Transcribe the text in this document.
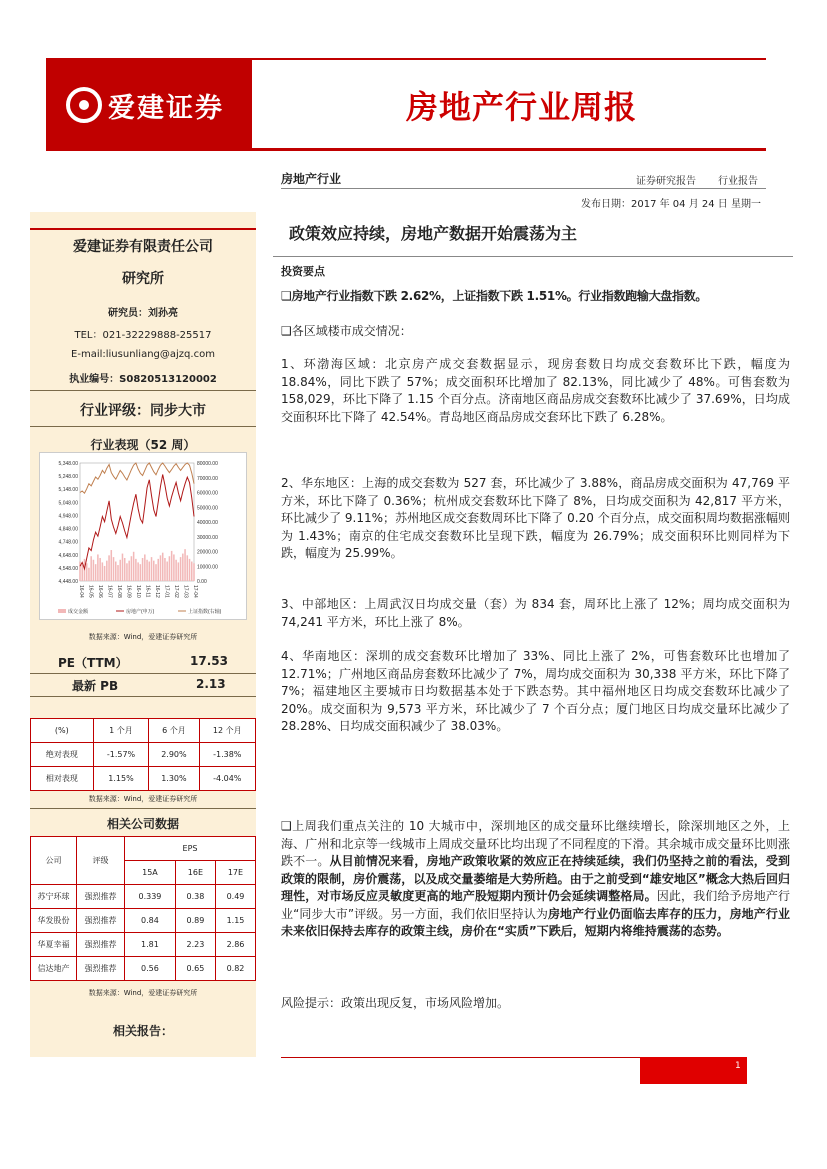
爱建证券	房地产行业周报
房地产行业	证券研究报告 行业报告
发布日期：2017 年 04 月 24 日 星期一
爱建证券有限责任公司
研究所
研究员：刘孙亮
TEL：021-32229888-25517
E-mail:liusunliang@ajzq.com
执业编号：S0820513120002
行业评级：同步大市
行业表现（52 周）
5,348.00
5,248.00
5,148.00
5,048.00
4,948.00
4,848.00
4,748.00
4,648.00
4,548.00
4,448.00
80000.00
70000.00
60000.00
50000.00
40000.00
30000.00
20000.00
10000.00
0.00
16-04 16-05 16-06 16-07 16-08 16-09 16-10 16-11 16-12 17-01 17-02 17-03 17-04
成交金额	房地产(申万)	上证指数(右轴)
数据来源：Wind，爱建证券研究所
PE（TTM）	17.53
最新 PB	2.13
(%)	1 个月	6 个月	12 个月
绝对表现	-1.57%	2.90%	-1.38%
相对表现	1.15%	1.30%	-4.04%
数据来源：Wind，爱建证券研究所
相关公司数据
公司	评级	EPS		
		15A	16E	17E
苏宁环球	强烈推荐	0.339	0.38	0.49
华发股份	强烈推荐	0.84	0.89	1.15
华夏幸福	强烈推荐	1.81	2.23	2.86
信达地产	强烈推荐	0.56	0.65	0.82
数据来源：Wind，爱建证券研究所
相关报告：
政策效应持续，房地产数据开始震荡为主
投资要点
❑房地产行业指数下跌 2.62%，上证指数下跌 1.51%。行业指数跑输大盘指数。
❑各区域楼市成交情况：
1、环渤海区域：北京房产成交套数据显示，现房套数日均成交套数环比下跌，幅度为 18.84%，同比下跌了 57%；成交面积环比增加了 82.13%，同比减少了 48%。可售套数为 158,029，环比下降了 1.15 个百分点。济南地区商品房成交套数环比减少了 37.69%，日均成交面积环比下降了 42.54%。青岛地区商品房成交套环比下跌了 6.28%。
2、华东地区：上海的成交套数为 527 套，环比减少了 3.88%，商品房成交面积为 47,769 平方米，环比下降了 0.36%；杭州成交套数环比下降了 8%，日均成交面积为 42,817 平方米，环比减少了 9.11%；苏州地区成交套数周环比下降了 0.20 个百分点，成交面积周均数据涨幅则为 1.43%；南京的住宅成交套数环比呈现下跌，幅度为 26.79%；成交面积环比则同样为下跌，幅度为 25.99%。
3、中部地区：上周武汉日均成交量（套）为 834 套，周环比上涨了 12%；周均成交面积为 74,241 平方米，环比上涨了 8%。
4、华南地区：深圳的成交套数环比增加了 33%、同比上涨了 2%，可售套数环比也增加了 12.71%；广州地区商品房套数环比减少了 7%，周均成交面积为 30,338 平方米，环比下降了 7%；福建地区主要城市日均数据基本处于下跌态势。其中福州地区日均成交套数环比减少了 20%。成交面积为 9,573 平方米，环比减少了 7 个百分点；厦门地区日均成交量环比减少了 28.28%、日均成交面积减少了 38.03%。
❑上周我们重点关注的 10 大城市中，深圳地区的成交量环比继续增长，除深圳地区之外，上海、广州和北京等一线城市上周成交量环比均出现了不同程度的下滑。其余城市成交量环比则涨跌不一。从目前情况来看，房地产政策收紧的效应正在持续延续，我们仍坚持之前的看法，受到政策的限制，房价震荡，以及成交量萎缩是大势所趋。由于之前受到“雄安地区”概念大热后回归理性，对市场反应灵敏度更高的地产股短期内预计仍会延续调整格局。因此，我们给予房地产行业“同步大市”评级。另一方面，我们依旧坚持认为房地产行业仍面临去库存的压力，房地产行业未来依旧保持去库存的政策主线，房价在“实质”下跌后，短期内将维持震荡的态势。
风险提示：政策出现反复，市场风险增加。
1
